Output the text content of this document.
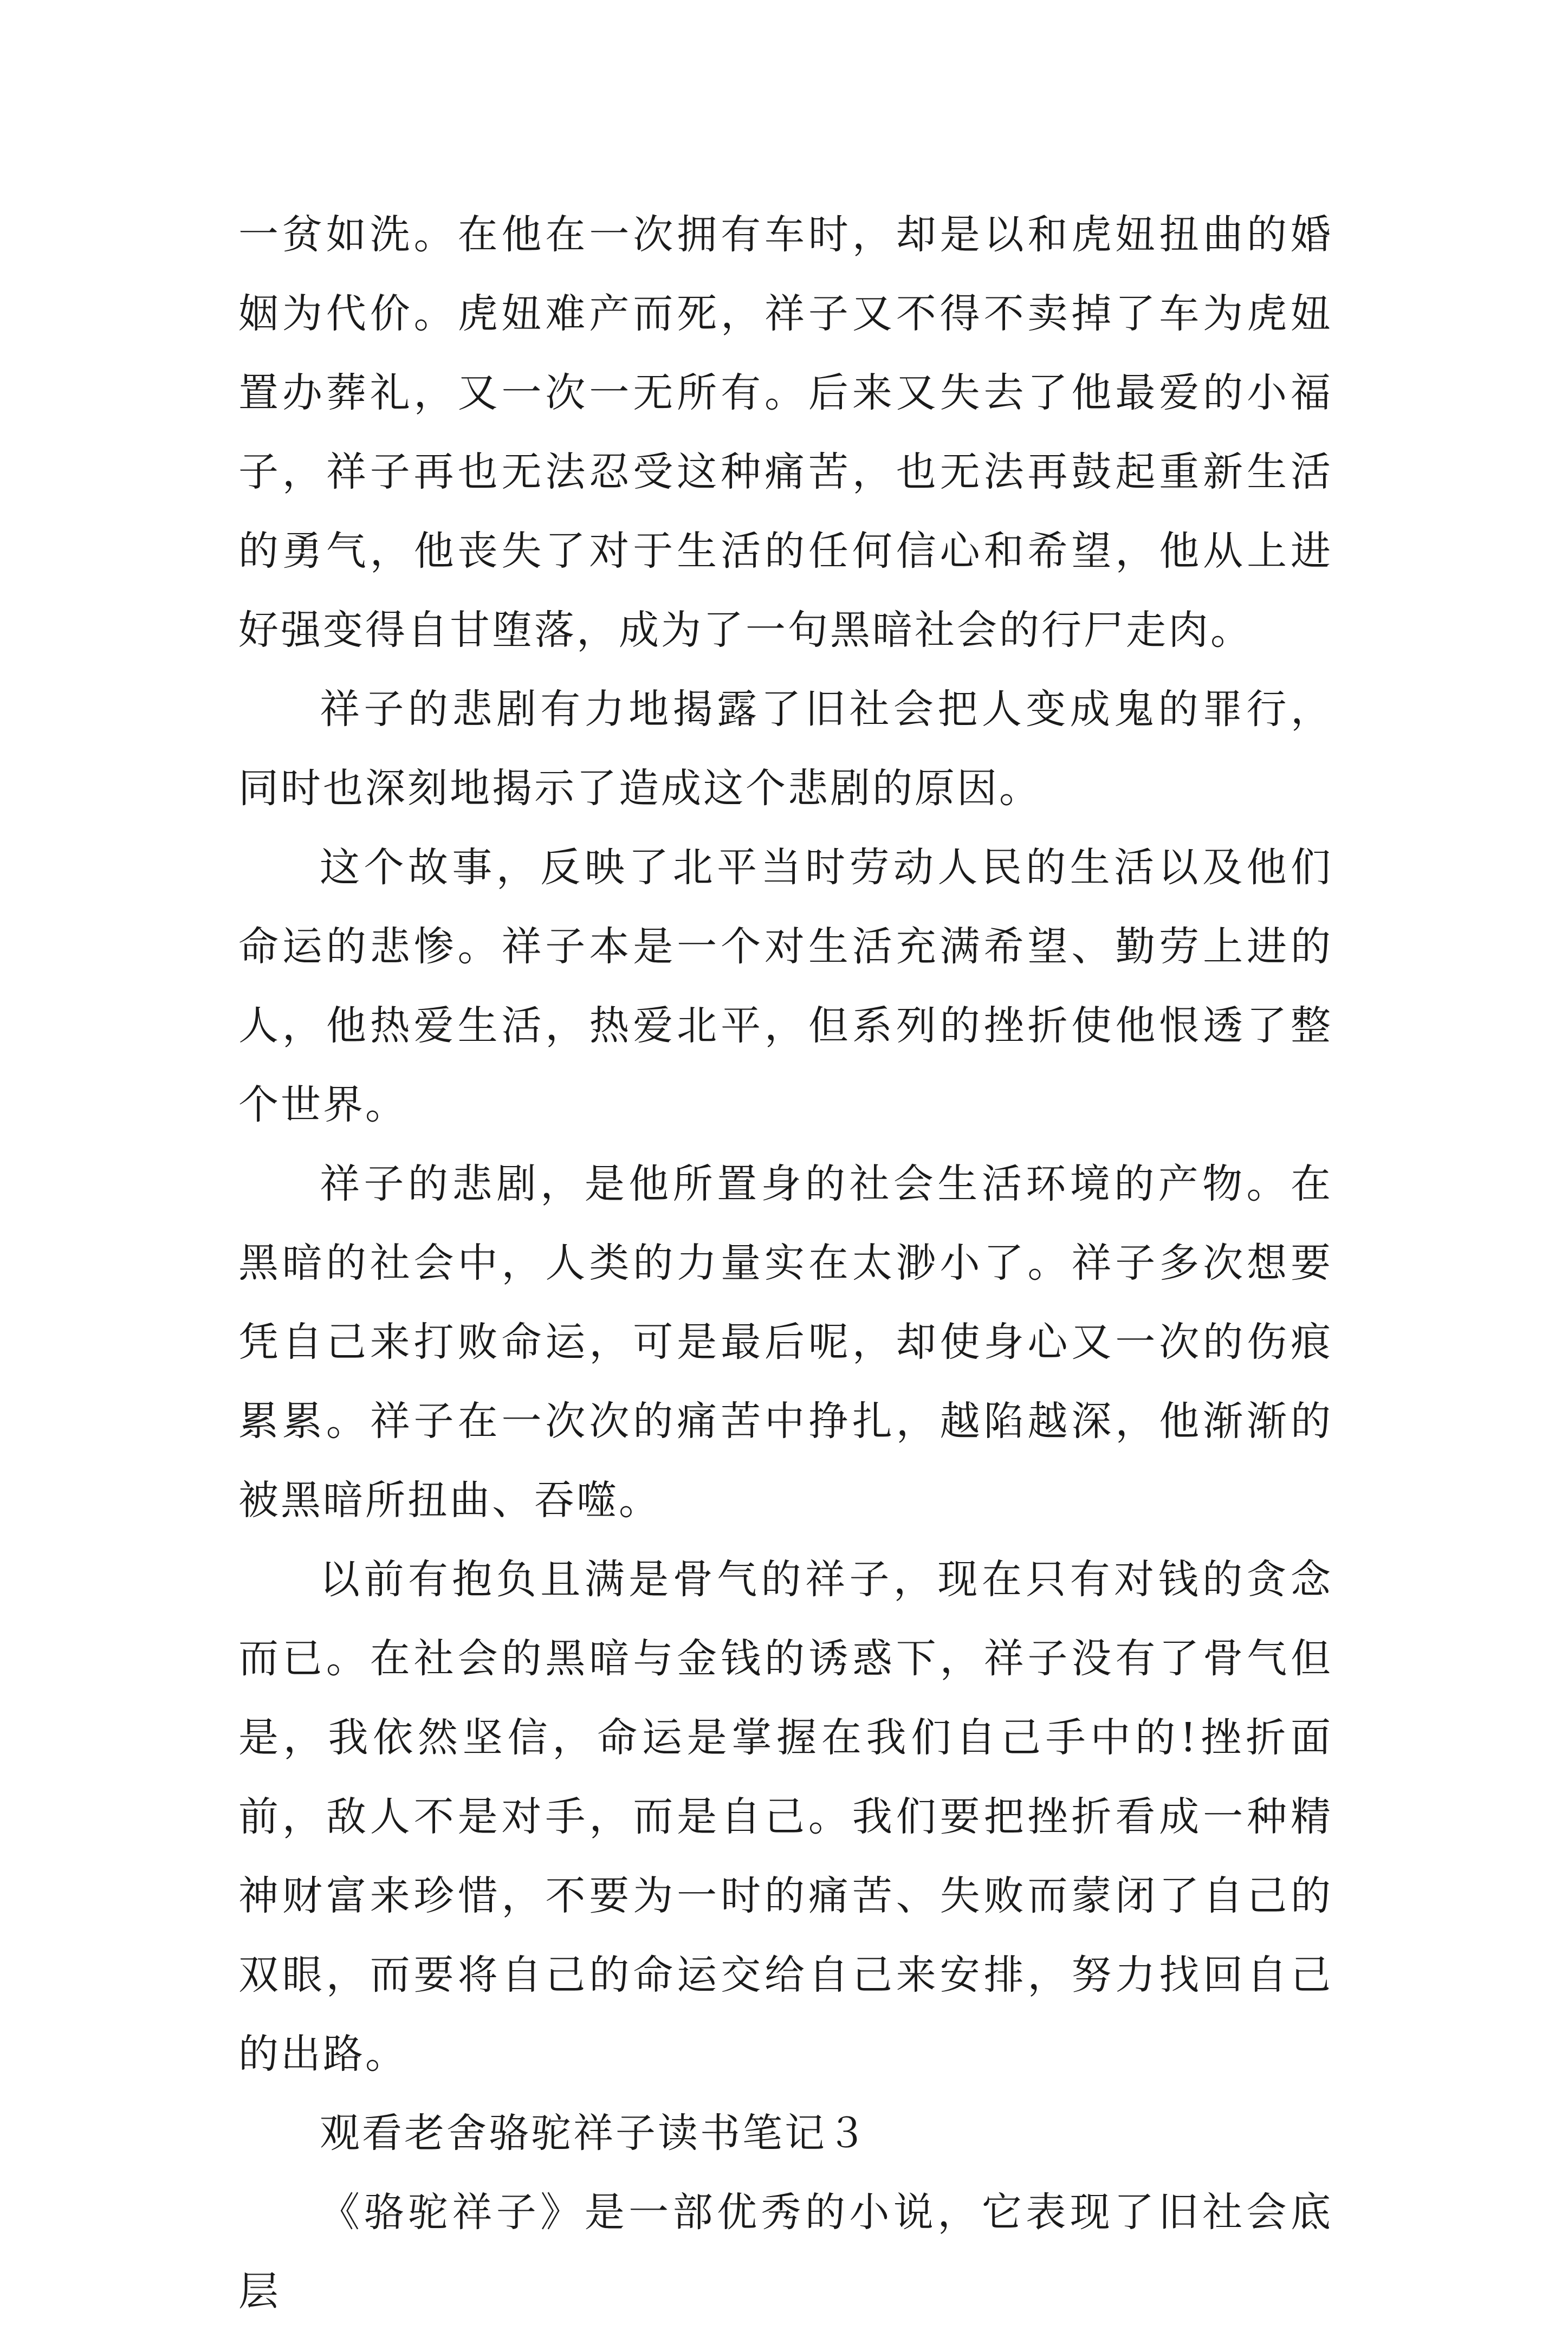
一贫如洗。在他在一次拥有车时，却是以和虎妞扭曲的婚姻为代价。虎妞难产而死，祥子又不得不卖掉了车为虎妞置办葬礼，又一次一无所有。后来又失去了他最爱的小福子，祥子再也无法忍受这种痛苦，也无法再鼓起重新生活的勇气，他丧失了对于生活的任何信心和希望，他从上进好强变得自甘堕落，成为了一句黑暗社会的行尸走肉。

祥子的悲剧有力地揭露了旧社会把人变成鬼的罪行，同时也深刻地揭示了造成这个悲剧的原因。

这个故事，反映了北平当时劳动人民的生活以及他们命运的悲惨。祥子本是一个对生活充满希望、勤劳上进的人，他热爱生活，热爱北平，但系列的挫折使他恨透了整个世界。

祥子的悲剧，是他所置身的社会生活环境的产物。在黑暗的社会中，人类的力量实在太渺小了。祥子多次想要凭自己来打败命运，可是最后呢，却使身心又一次的伤痕累累。祥子在一次次的痛苦中挣扎，越陷越深，他渐渐的被黑暗所扭曲、吞噬。

以前有抱负且满是骨气的祥子，现在只有对钱的贪念而已。在社会的黑暗与金钱的诱惑下，祥子没有了骨气但是，我依然坚信，命运是掌握在我们自己手中的!挫折面前，敌人不是对手，而是自己。我们要把挫折看成一种精神财富来珍惜，不要为一时的痛苦、失败而蒙闭了自己的双眼，而要将自己的命运交给自己来安排，努力找回自己的出路。

观看老舍骆驼祥子读书笔记３

《骆驼祥子》是一部优秀的小说，它表现了旧社会底层
